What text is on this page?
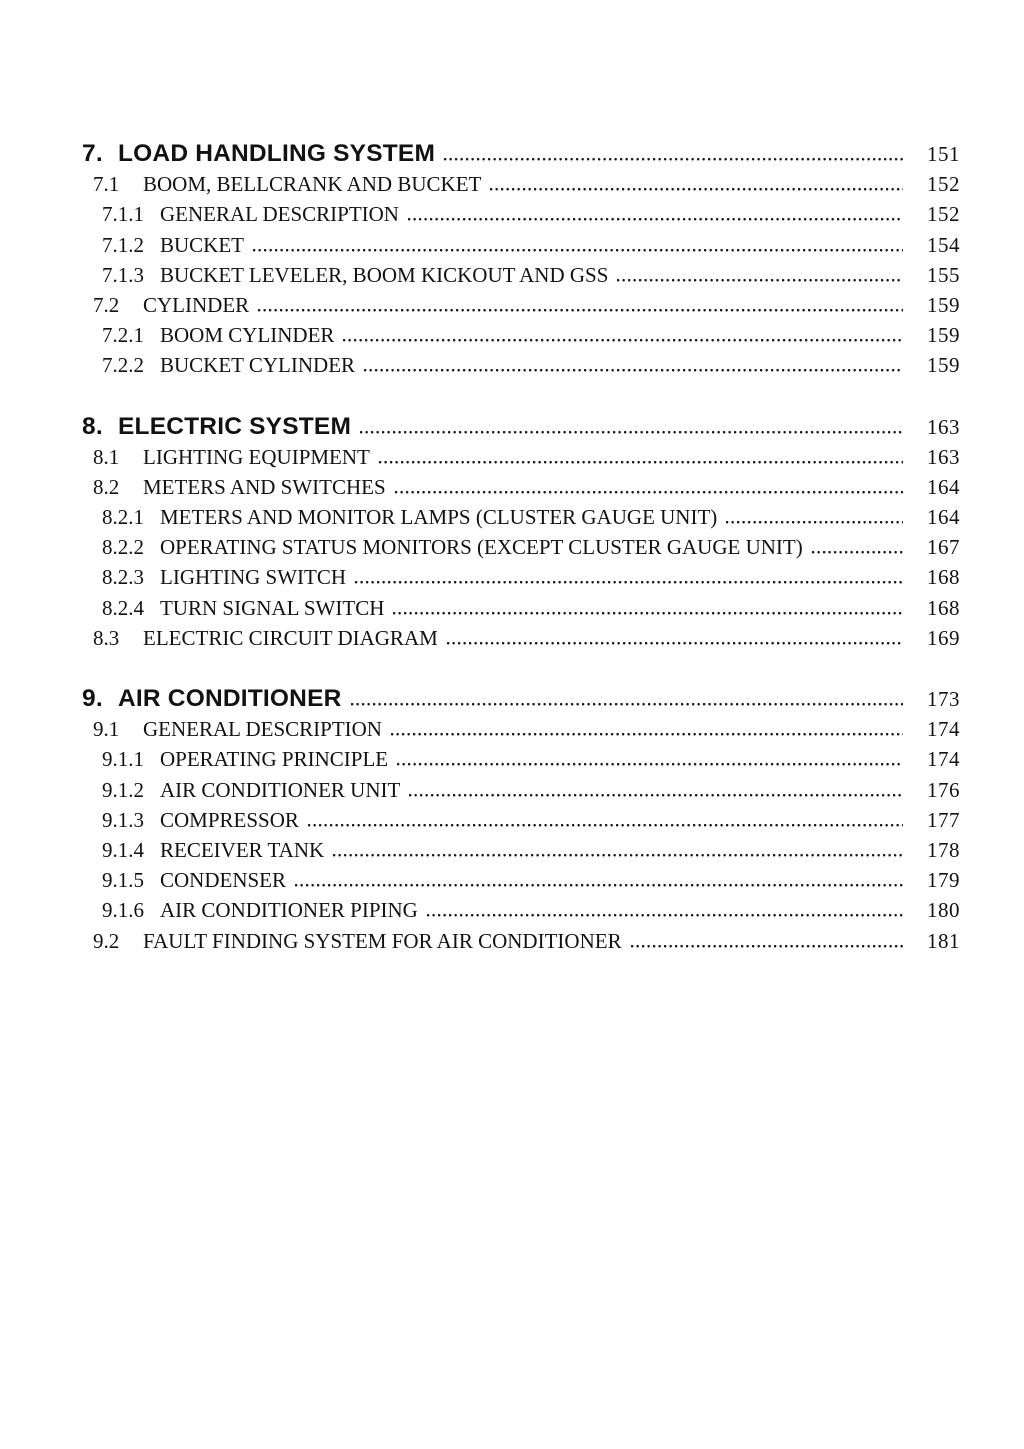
7. LOAD HANDLING SYSTEM	151
7.1	BOOM, BELLCRANK AND BUCKET	152
7.1.1 GENERAL DESCRIPTION	152
7.1.2 BUCKET	154
7.1.3 BUCKET LEVELER, BOOM KICKOUT AND GSS	155
7.2	CYLINDER	159
7.2.1 BOOM CYLINDER	159
7.2.2 BUCKET CYLINDER	159
8. ELECTRIC SYSTEM	163
8.1	LIGHTING EQUIPMENT	163
8.2	METERS AND SWITCHES	164
8.2.1 METERS AND MONITOR LAMPS (CLUSTER GAUGE UNIT)	164
8.2.2 OPERATING STATUS MONITORS (EXCEPT CLUSTER GAUGE UNIT)	167
8.2.3 LIGHTING SWITCH	168
8.2.4 TURN SIGNAL SWITCH	168
8.3	ELECTRIC CIRCUIT DIAGRAM	169
9. AIR CONDITIONER	173
9.1	GENERAL DESCRIPTION	174
9.1.1 OPERATING PRINCIPLE	174
9.1.2 AIR CONDITIONER UNIT	176
9.1.3 COMPRESSOR	177
9.1.4 RECEIVER TANK	178
9.1.5 CONDENSER	179
9.1.6 AIR CONDITIONER PIPING	180
9.2	FAULT FINDING SYSTEM FOR AIR CONDITIONER	181
